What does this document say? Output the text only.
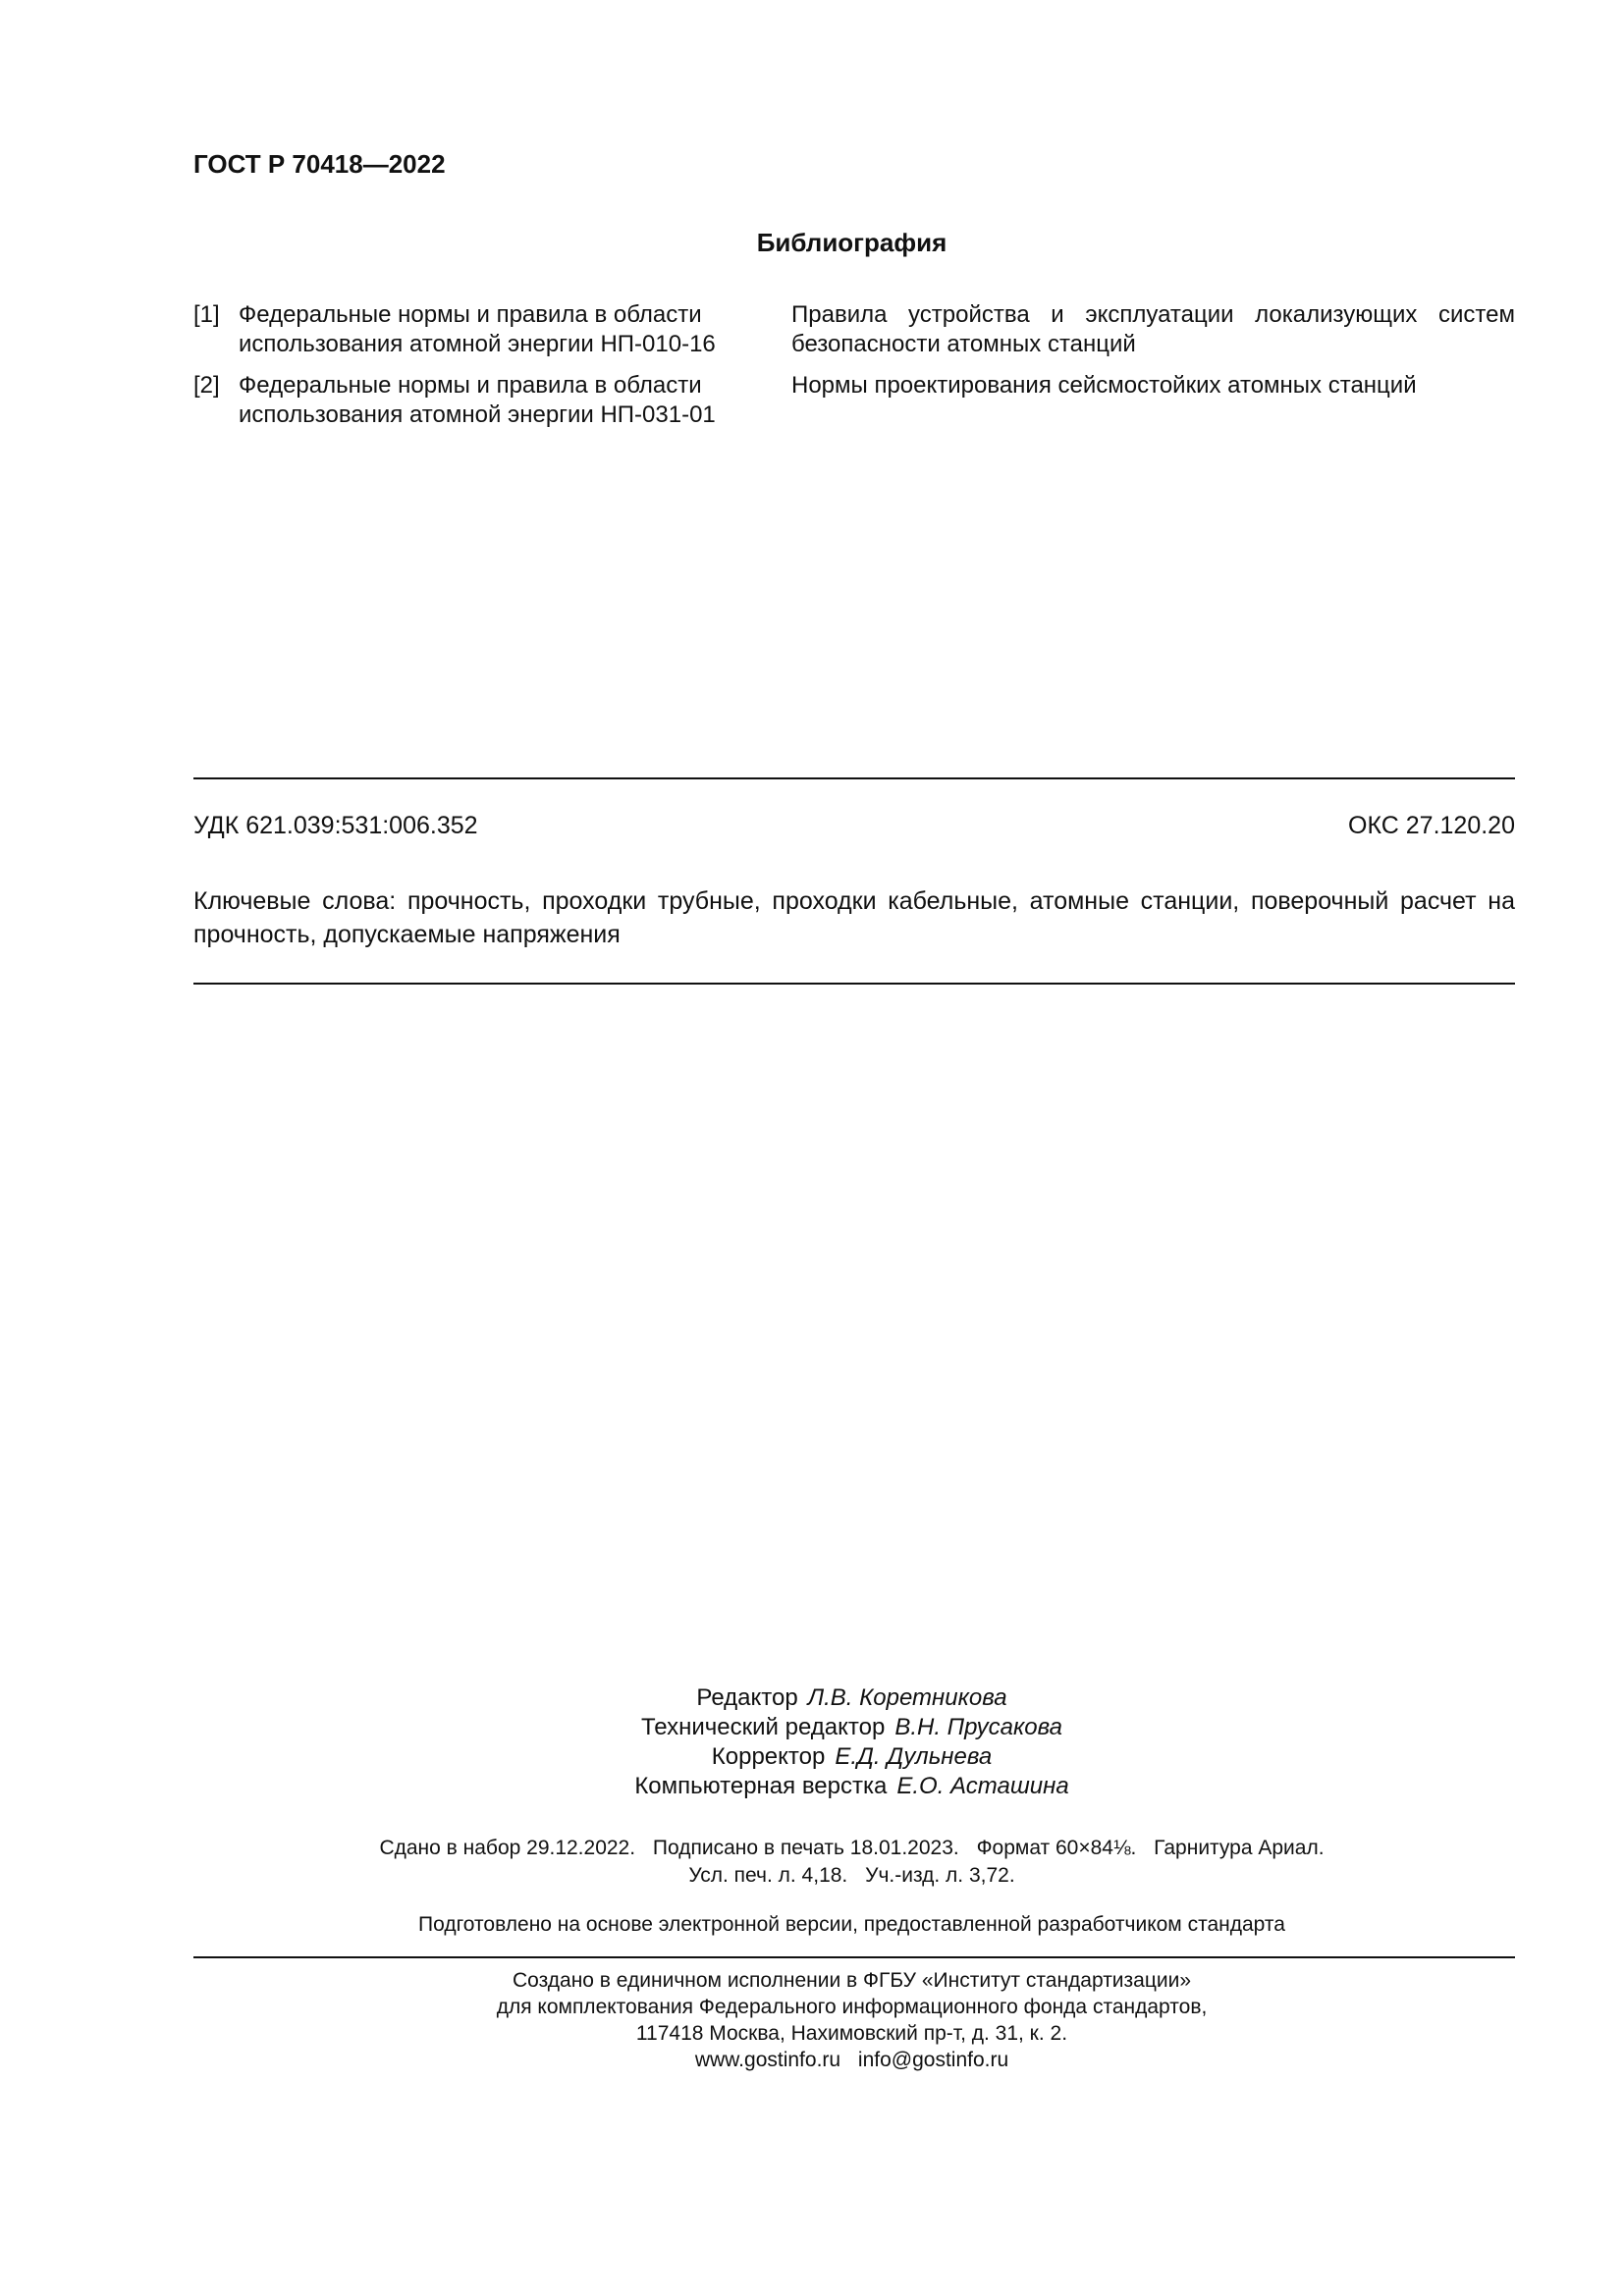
ГОСТ Р 70418—2022
Библиография
[1] Федеральные нормы и правила в области
использования атомной энергии НП-010-16
Правила устройства и эксплуатации локализующих систем безопасности атомных станций
[2] Федеральные нормы и правила в области
использования атомной энергии НП-031-01
Нормы проектирования сейсмостойких атомных станций
УДК 621.039:531:006.352	ОКС 27.120.20
Ключевые слова: прочность, проходки трубные, проходки кабельные, атомные станции, поверочный расчет на прочность, допускаемые напряжения
Редактор Л.В. Коретникова
Технический редактор В.Н. Прусакова
Корректор Е.Д. Дульнева
Компьютерная верстка Е.О. Асташина
Сдано в набор 29.12.2022. Подписано в печать 18.01.2023. Формат 60×84⅛. Гарнитура Ариал.
Усл. печ. л. 4,18. Уч.-изд. л. 3,72.
Подготовлено на основе электронной версии, предоставленной разработчиком стандарта
Создано в единичном исполнении в ФГБУ «Институт стандартизации»
для комплектования Федерального информационного фонда стандартов,
117418 Москва, Нахимовский пр-т, д. 31, к. 2.
www.gostinfo.ru info@gostinfo.ru
